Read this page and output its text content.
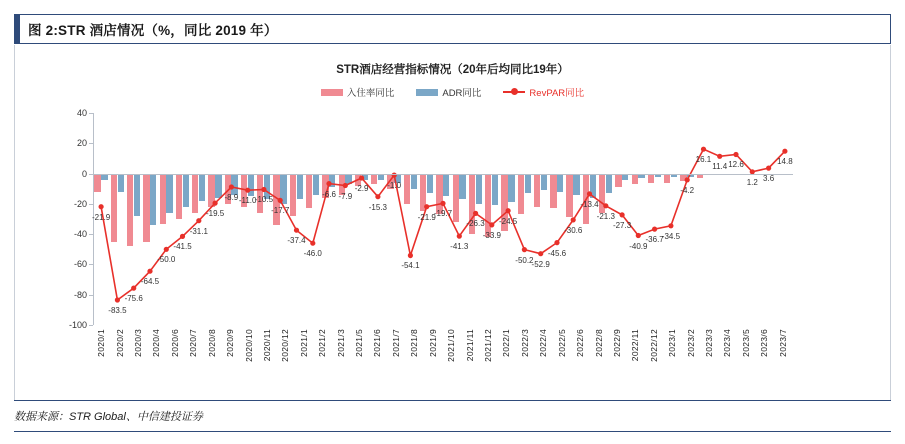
图 2:STR 酒店情况（%，同比 2019 年）
STR酒店经营指标情况（20年后均同比19年）
入住率同比	ADR同比	RevPAR同比
40
20
0
-20
-40
-60
-80
-100
-21.9
-83.5
-75.6
-64.5
-50.0
-41.5
-31.1
-19.5
-8.9 -11.0
-10.5
-17.7
-37.4
-46.0
-6.6 -7.9
-2.9
-15.3
-1.0
-54.1
-21.9
-19.7
-41.3
-26.3
-33.9
-24.5
-50.2
-52.9
-45.6
-30.6
-13.4
-21.3
-27.3
-40.9
-36.7
-34.5
-4.2
16.1
11.4 12.6
1.2 3.6
14.8
2020/1 2020/2 2020/3 2020/4 2020/6 2020/7 2020/8 2020/9 2020/10 2020/11 2020/12 2021/1 2021/2 2021/3 2021/5 2021/6 2021/7 2021/8 2021/9 2021/10 2021/11 2021/12 2022/1 2022/3 2022/4 2022/5 2022/6 2022/8 2022/9 2022/11 2022/12 2023/1 2023/2 2023/3 2023/4 2023/5 2023/6 2023/7
数据来源：STR Global、中信建投证券
